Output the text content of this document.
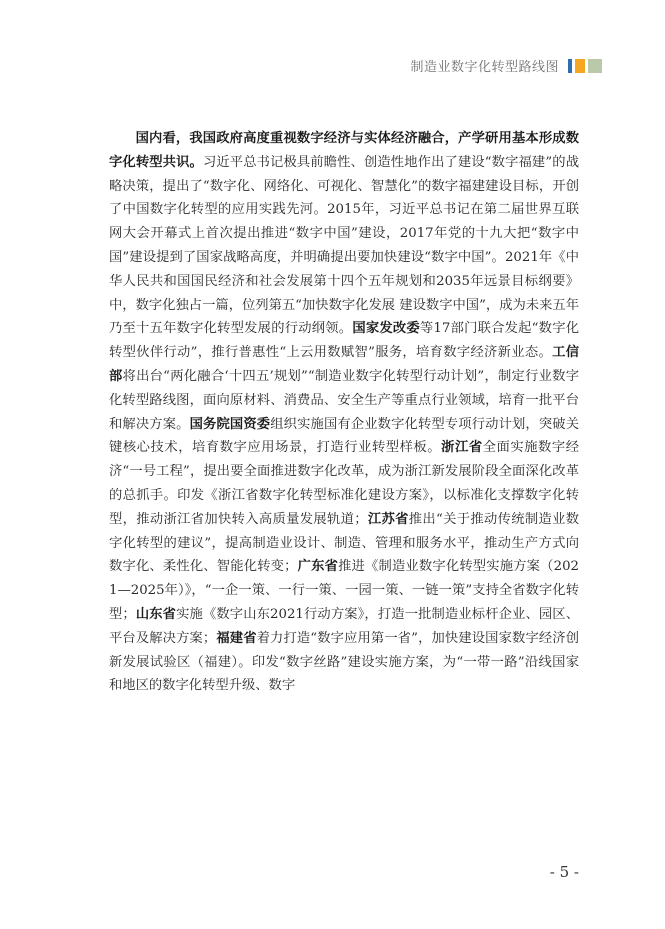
制造业数字化转型路线图

国内看，我国政府高度重视数字经济与实体经济融合，产学研用基本形成数字化转型共识。习近平总书记极具前瞻性、创造性地作出了建设“数字福建”的战略决策，提出了“数字化、网络化、可视化、智慧化”的数字福建建设目标，开创了中国数字化转型的应用实践先河。2015年，习近平总书记在第二届世界互联网大会开幕式上首次提出推进“数字中国”建设，2017年党的十九大把“数字中国”建设提到了国家战略高度，并明确提出要加快建设“数字中国”。2021年《中华人民共和国国民经济和社会发展第十四个五年规划和2035年远景目标纲要》中，数字化独占一篇，位列第五“加快数字化发展 建设数字中国”，成为未来五年乃至十五年数字化转型发展的行动纲领。国家发改委等17部门联合发起“数字化转型伙伴行动”，推行普惠性“上云用数赋智”服务，培育数字经济新业态。工信部将出台“两化融合‘十四五’规划”“制造业数字化转型行动计划”，制定行业数字化转型路线图，面向原材料、消费品、安全生产等重点行业领域，培育一批平台和解决方案。国务院国资委组织实施国有企业数字化转型专项行动计划，突破关键核心技术，培育数字应用场景，打造行业转型样板。浙江省全面实施数字经济“一号工程”，提出要全面推进数字化改革，成为浙江新发展阶段全面深化改革的总抓手。印发《浙江省数字化转型标准化建设方案》，以标准化支撑数字化转型，推动浙江省加快转入高质量发展轨道；江苏省推出“关于推动传统制造业数字化转型的建议”，提高制造业设计、制造、管理和服务水平，推动生产方式向数字化、柔性化、智能化转变；广东省推进《制造业数字化转型实施方案（2021—2025年）》，“一企一策、一行一策、一园一策、一链一策”支持全省数字化转型；山东省实施《数字山东2021行动方案》，打造一批制造业标杆企业、园区、平台及解决方案；福建省着力打造“数字应用第一省”，加快建设国家数字经济创新发展试验区（福建）。印发“数字丝路”建设实施方案，为“一带一路”沿线国家和地区的数字化转型升级、数字

- 5 -
